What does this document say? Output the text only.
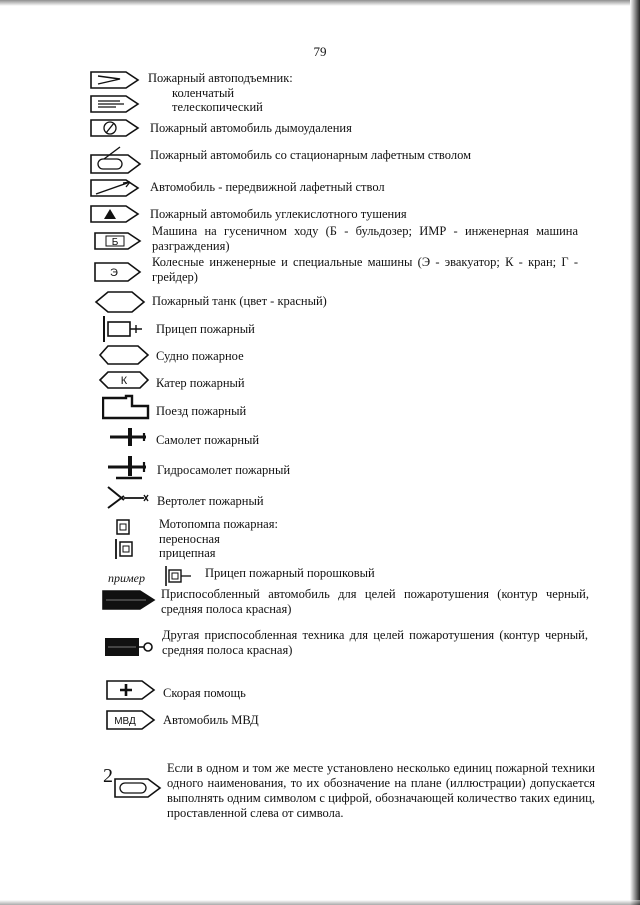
79
Пожарный автоподъемник:
коленчатый
телескопический
Пожарный автомобиль дымоудаления
Пожарный автомобиль со стационарным лафетным стволом
Автомобиль - передвижной лафетный ствол
Пожарный автомобиль углекислотного тушения
Б
Машина на гусеничном ходу (Б - бульдозер; ИМР - инженерная машина разграждения)
Э
Колесные инженерные и специальные машины (Э - эвакуатор; К - кран; Г - грейдер)
Пожарный танк (цвет - красный)
Прицеп пожарный
Судно пожарное
К Катер пожарный
Поезд пожарный
Самолет пожарный
Гидросамолет пожарный
Вертолет пожарный
Мотопомпа пожарная:
переносная
прицепная
пример	Прицеп пожарный порошковый
Приспособленный автомобиль для целей пожаротушения (контур черный, средняя полоса красная)
Другая приспособленная техника для целей пожаротушения (контур черный, средняя полоса красная)
Скорая помощь
МВД Автомобиль МВД
2	Если в одном и том же месте установлено несколько единиц пожарной техники одного наименования, то их обозначение на плане (иллюстрации) допускается выполнять одним символом с цифрой, обозначающей количество таких единиц, проставленной слева от символа.
